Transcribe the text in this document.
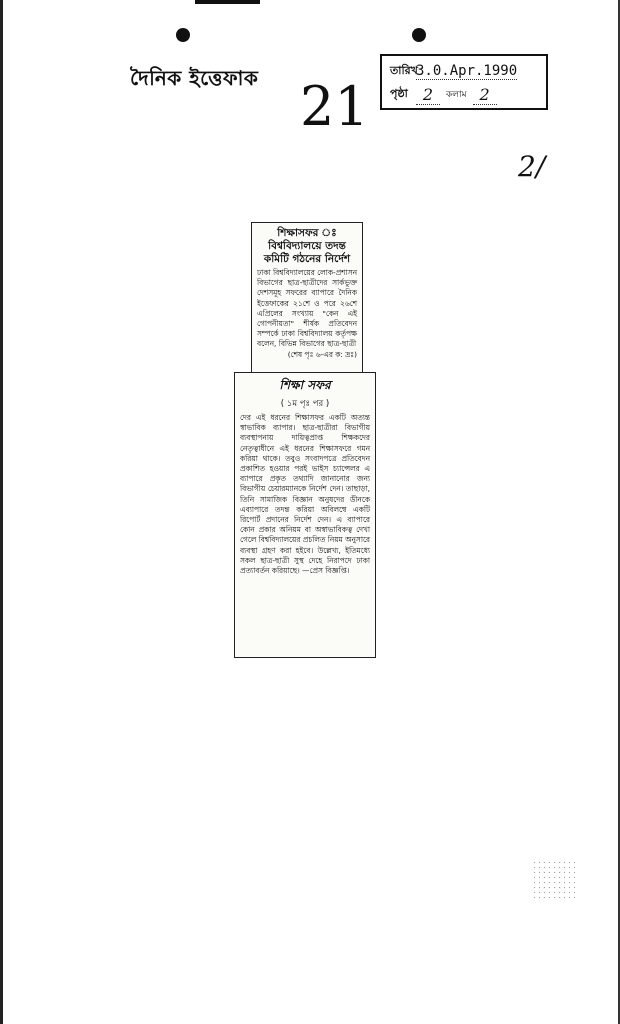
দৈনিক ইত্তেফাক 21
2/
তারিখ
3.0.Apr.1990
পৃষ্ঠা 2	কলাম 2
শিক্ষাসফর ঃ বিশ্ববিদ্যালয়ে তদন্ত কমিটি গঠনের নির্দেশ
ঢাকা বিশ্ববিদ্যালয়ের লোক-প্রশাসন বিভাগের ছাত্র-ছাত্রীদের সার্কভুক্ত দেশসমূহ সফরের ব্যাপারে দৈনিক ইত্তেফাকের ২১শে ও পরে ২৬শে এপ্রিলের সংখ্যায় "কেন এই গোপনীয়তা" শীর্ষক প্রতিবেদন সম্পর্কে ঢাকা বিশ্ববিদ্যালয় কর্তৃপক্ষ বলেন, বিভিন্ন বিভাগের ছাত্র-ছাত্রী
(শেষ পৃঃ ৬-এর ক: দ্রঃ)
শিক্ষা সফর
( ১ম পৃঃ পর )
দের এই ধরনের শিক্ষাসফর একটি অত্যন্ত স্বাভাবিক ব্যাপার। ছাত্র-ছাত্রীরা বিভাগীয় ব্যবস্থাপনায় দায়িত্বপ্রাপ্ত শিক্ষকদের নেতৃত্বাধীনে এই ধরনের শিক্ষাসফরে গমন করিয়া থাকে। তবুও সংবাদপত্রে প্রতিবেদন প্রকাশিত হওয়ার পরই ভাইস চ্যান্সেলর এ ব্যাপারে প্রকৃত তথ্যাদি জানানোর জন্য বিভাগীয় চেয়ারম্যানকে নির্দেশ দেন। তাছাড়া, তিনি সামাজিক বিজ্ঞান অনুষদের ডীনকে এব্যাপারে তদন্ত করিয়া অবিলম্বে একটি রিপোর্ট প্রদানের নির্দেশ দেন। এ ব্যাপারে কোন প্রকার অনিয়ম বা অস্বাভাবিকত্ব দেখা গেলে বিশ্ববিদ্যালয়ের প্রচলিত নিয়ম অনুসারে ব্যবস্থা গ্রহণ করা হইবে। উল্লেখ্য, ইতিমধ্যে সকল ছাত্র-ছাত্রী সুস্থ দেহে নিরাপদে ঢাকা প্রত্যাবর্তন করিয়াছে। —প্রেস বিজ্ঞপ্তি।
